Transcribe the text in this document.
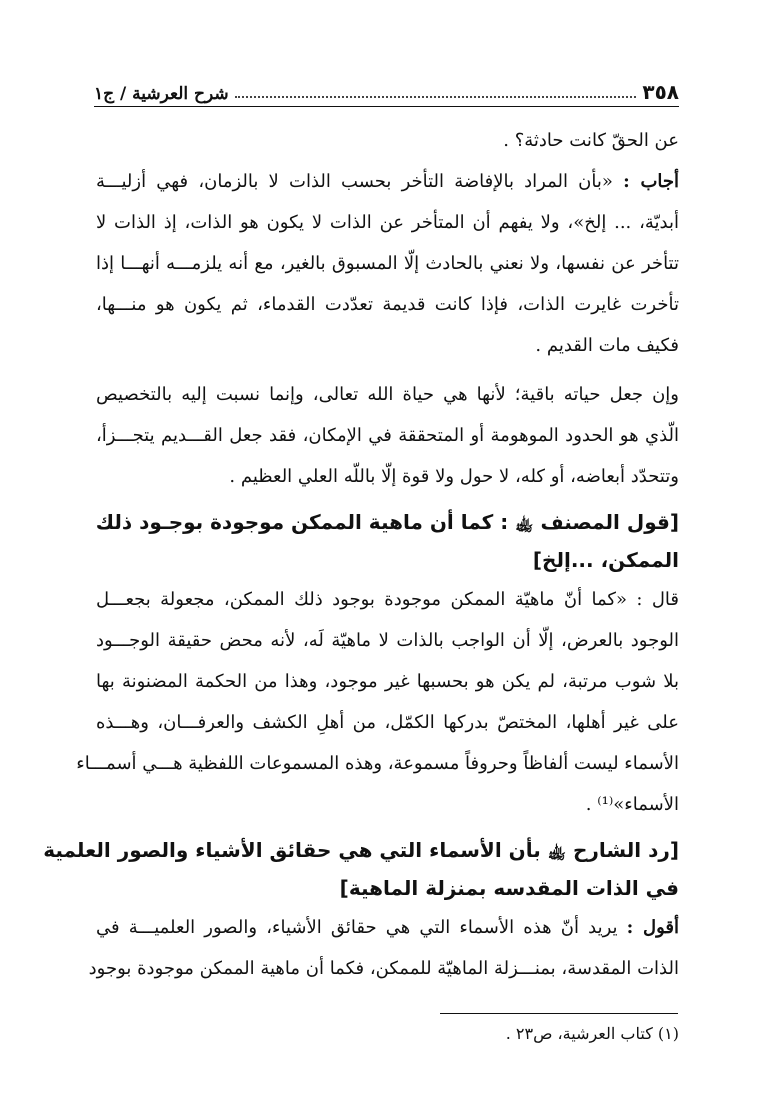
٣٥٨
شرح العرشية / ج١

عن الحقّ كانت حادثة؟ .

أجاب : «بأن المراد بالإفاضة التأخر بحسب الذات لا بالزمان، فهي أزليـــة

أبديّة، ... إلخ»، ولا يفهم أن المتأخر عن الذات لا يكون هو الذات، إذ الذات لا

تتأخر عن نفسها، ولا نعني بالحادث إلّا المسبوق بالغير، مع أنه يلزمـــه أنهـــا إذا

تأخرت غايرت الذات، فإذا كانت قديمة تعدّدت القدماء، ثم يكون هو منـــها،

فكيف مات القديم .

وإن جعل حياته باقية؛ لأنها هي حياة الله تعالى، وإنما نسبت إليه بالتخصيص

الّذي هو الحدود الموهومة أو المتحققة في الإمكان، فقد جعل القـــديم يتجـــزأ،

وتتحدّد أبعاضه، أو كله، لا حول ولا قوة إلّا باللّه العلي العظيم .

[قول المصنف ﵀ : كما أن ماهية الممكن موجودة بوجـود ذلك
الممكن، ...إلخ]

قال : «كما أنّ ماهيّة الممكن موجودة بوجود ذلك الممكن، مجعولة بجعـــل

الوجود بالعرض، إلّا أن الواجب بالذات لا ماهيّة لَه، لأنه محض حقيقة الوجـــود

بلا شوب مرتبة، لم يكن هو بحسبها غير موجود، وهذا من الحكمة المضنونة بها

على غير أهلها، المختصّ بدركها الكمّل، من أهلِ الكشف والعرفـــان، وهـــذه

الأسماء ليست ألفاظاً وحروفاً مسموعة، وهذه المسموعات اللفظية هـــي أسمـــاء

الأسماء»⁽¹⁾ .

[رد الشارح ﵀ بأن الأسماء التي هي حقائق الأشياء والصور العلمية
في الذات المقدسه بمنزلة الماهية]

أقول : يريد أنّ هذه الأسماء التي هي حقائق الأشياء، والصور العلميـــة في

الذات المقدسة، بمنـــزلة الماهيّة للممكن، فكما أن ماهية الممكن موجودة بوجود

(١) كتاب العرشية، ص٢٣ .
